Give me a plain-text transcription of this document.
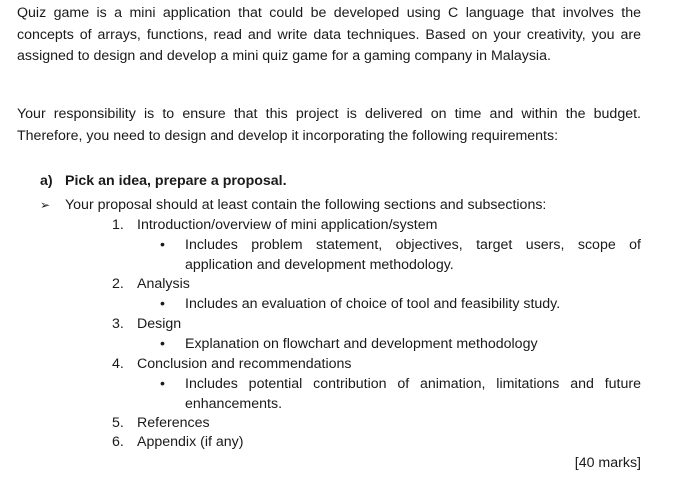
Quiz game is a mini application that could be developed using C language that involves the
concepts of arrays, functions, read and write data techniques. Based on your creativity, you are
assigned to design and develop a mini quiz game for a gaming company in Malaysia.
Your responsibility is to ensure that this project is delivered on time and within the budget.
Therefore, you need to design and develop it incorporating the following requirements:
a) Pick an idea, prepare a proposal.
➢ Your proposal should at least contain the following sections and subsections:
1. Introduction/overview of mini application/system
•	Includes problem statement, objectives, target users, scope of
application and development methodology.
2. Analysis
•	Includes an evaluation of choice of tool and feasibility study.
3. Design
•	Explanation on flowchart and development methodology
4. Conclusion and recommendations
•	Includes potential contribution of animation, limitations and future
enhancements.
5. References
6. Appendix (if any)
[40 marks]
